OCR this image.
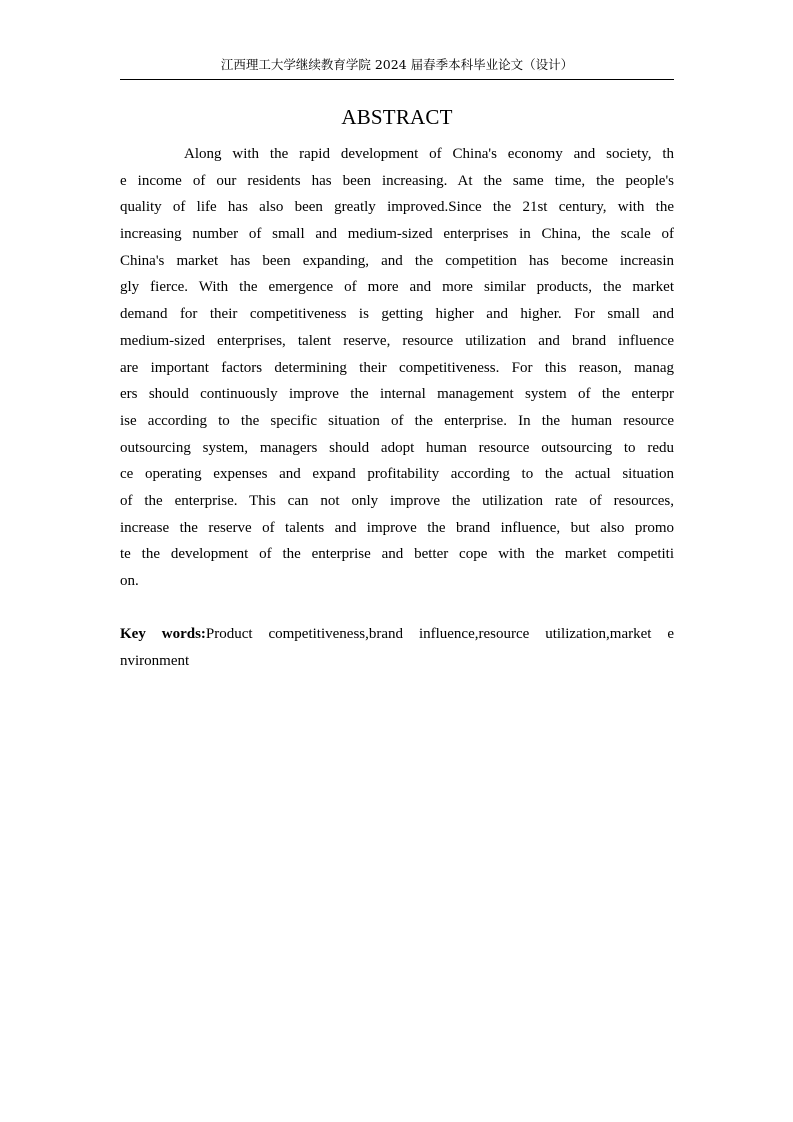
江西理工大学继续教育学院 2024 届春季本科毕业论文（设计）
ABSTRACT
Along with the rapid development of China's economy and society, th
e income of our residents has been increasing. At the same time, the people's
quality of life has also been greatly improved.Since the 21st century, with the
increasing number of small and medium-sized enterprises in China, the scale of
China's market has been expanding, and the competition has become increasin
gly fierce. With the emergence of more and more similar products, the market
demand for their competitiveness is getting higher and higher. For small and
medium-sized enterprises, talent reserve, resource utilization and brand influence
are important factors determining their competitiveness. For this reason, manag
ers should continuously improve the internal management system of the enterpr
ise according to the specific situation of the enterprise. In the human resource
outsourcing system, managers should adopt human resource outsourcing to redu
ce operating expenses and expand profitability according to the actual situation
of the enterprise. This can not only improve the utilization rate of resources,
increase the reserve of talents and improve the brand influence, but also promo
te the development of the enterprise and better cope with the market competiti
on.
Key words:Product competitiveness,brand influence,resource utilization,market e
nvironment
